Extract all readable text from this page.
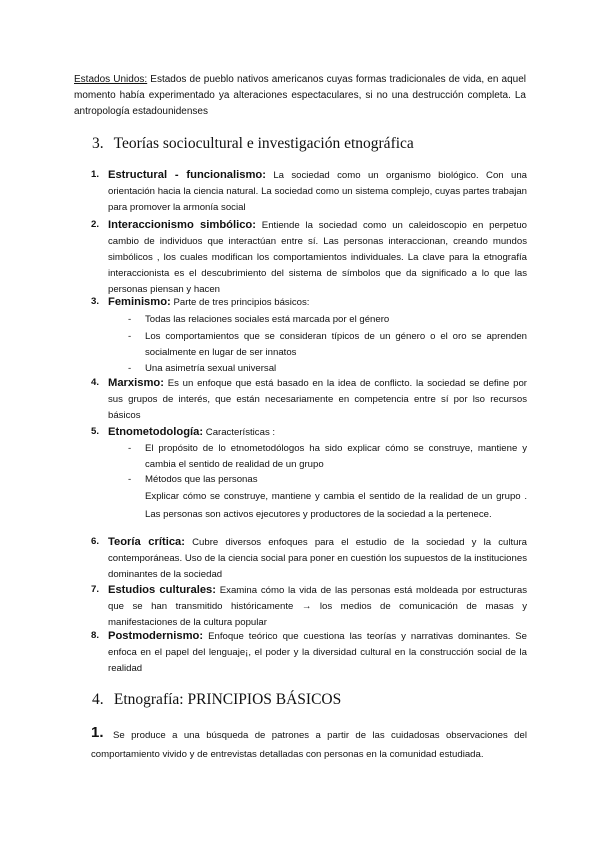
Estados Unidos: Estados de pueblo nativos americanos cuyas formas tradicionales de vida, en aquel momento había experimentado ya alteraciones espectaculares, si no una destrucción completa. La antropología estadounidenses

3. Teorías sociocultural e investigación etnográfica
1. Estructural - funcionalismo: La sociedad como un organismo biológico. Con una orientación hacia la ciencia natural. La sociedad como un sistema complejo, cuyas partes trabajan para promover la armonía social
2. Interaccionismo simbólico: Entiende la sociedad como un caleidoscopio en perpetuo cambio de individuos que interactúan entre sí. Las personas interaccionan, creando mundos simbólicos , los cuales modifican los comportamientos individuales. La clave para la etnografía interaccionista es el descubrimiento del sistema de símbolos que da significado a lo que las personas piensan y hacen
3. Feminismo: Parte de tres principios básicos:
- Todas las relaciones sociales está marcada por el género
- Los comportamientos que se consideran típicos de un género o el oro se aprenden socialmente en lugar de ser innatos
- Una asimetría sexual universal
4. Marxismo: Es un enfoque que está basado en la idea de conflicto. la sociedad se define por sus grupos de interés, que están necesariamente en competencia entre sí por lso recursos básicos
5. Etnometodología: Características :
- El propósito de lo etnometodólogos ha sido explicar cómo se construye, mantiene y cambia el sentido de realidad de un grupo
- Métodos que las personas
Explicar cómo se construye, mantiene y cambia el sentido de la realidad de un grupo . Las personas son activos ejecutores y productores de la sociedad a la pertenece.
6. Teoría crítica: Cubre diversos enfoques para el estudio de la sociedad y la cultura contemporáneas. Uso de la ciencia social para poner en cuestión los supuestos de la instituciones dominantes de la sociedad
7. Estudios culturales: Examina cómo la vida de las personas está moldeada por estructuras que se han transmitido históricamente → los medios de comunicación de masas y manifestaciones de la cultura popular
8. Postmodernismo: Enfoque teórico que cuestiona las teorías y narrativas dominantes. Se enfoca en el papel del lenguaje¡, el poder y la diversidad cultural en la construcción social de la realidad
4. Etnografía: PRINCIPIOS BÁSICOS
1. Se produce a una búsqueda de patrones a partir de las cuidadosas observaciones del comportamiento vivido y de entrevistas detalladas con personas en la comunidad estudiada.
